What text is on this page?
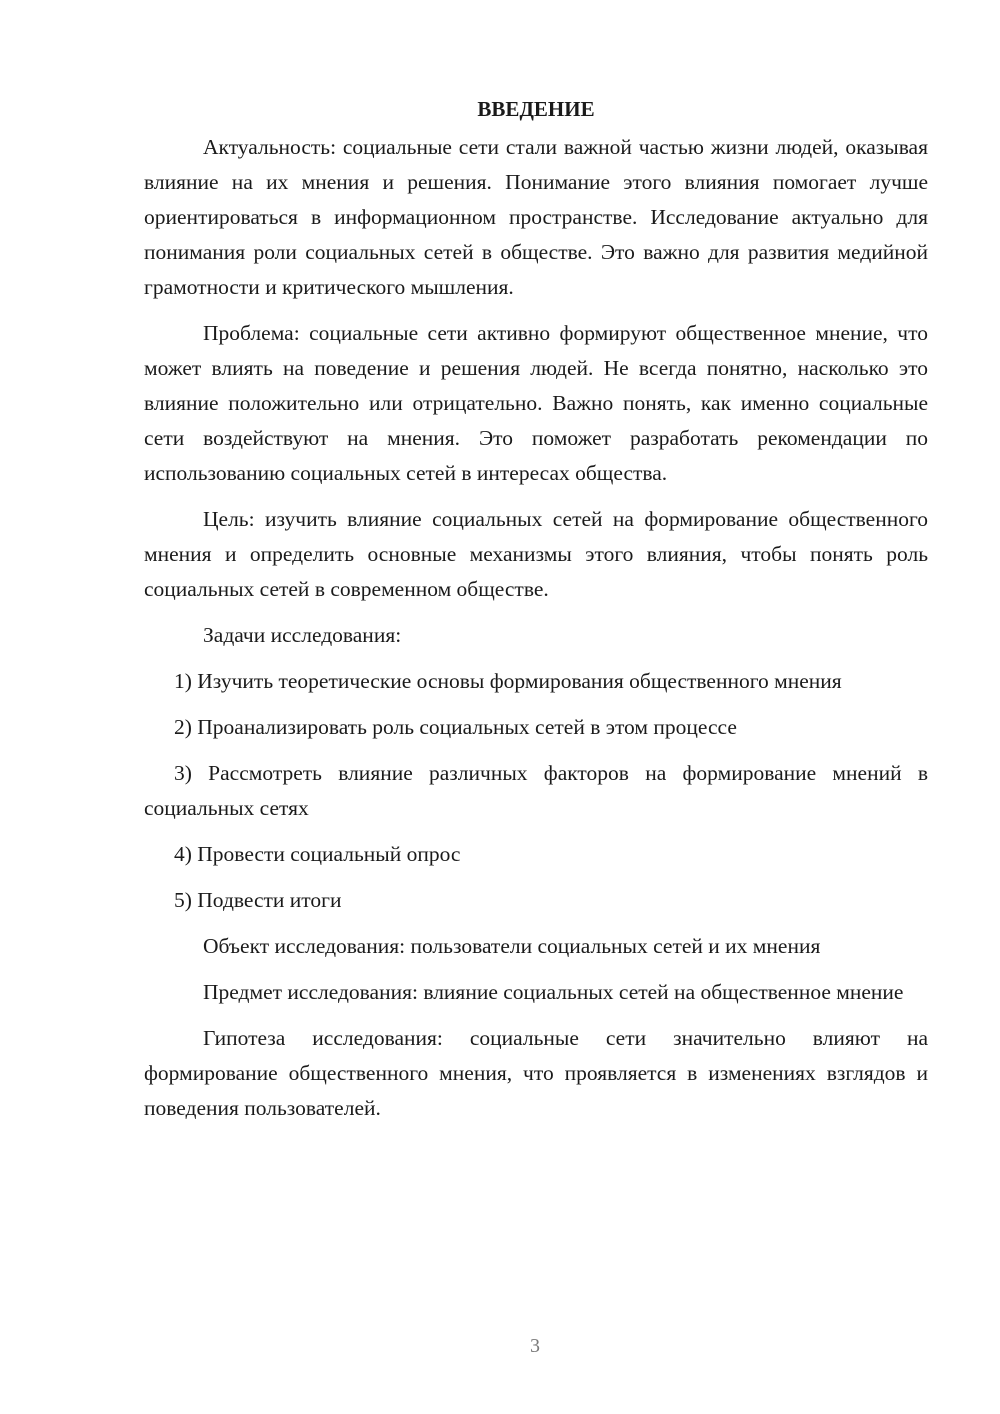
ВВЕДЕНИЕ

Актуальность: социальные сети стали важной частью жизни людей, оказывая влияние на их мнения и решения. Понимание этого влияния помогает лучше ориентироваться в информационном пространстве. Исследование актуально для понимания роли социальных сетей в обществе. Это важно для развития медийной грамотности и критического мышления.

Проблема: социальные сети активно формируют общественное мнение, что может влиять на поведение и решения людей. Не всегда понятно, насколько это влияние положительно или отрицательно. Важно понять, как именно социальные сети воздействуют на мнения. Это поможет разработать рекомендации по использованию социальных сетей в интересах общества.

Цель: изучить влияние социальных сетей на формирование общественного мнения и определить основные механизмы этого влияния, чтобы понять роль социальных сетей в современном обществе.

Задачи исследования:

1) Изучить теоретические основы формирования общественного мнения

2) Проанализировать роль социальных сетей в этом процессе

3) Рассмотреть влияние различных факторов на формирование мнений в социальных сетях

4) Провести социальный опрос

5) Подвести итоги

Объект исследования: пользователи социальных сетей и их мнения

Предмет исследования: влияние социальных сетей на общественное мнение

Гипотеза исследования: социальные сети значительно влияют на формирование общественного мнения, что проявляется в изменениях взглядов и поведения пользователей.

3
